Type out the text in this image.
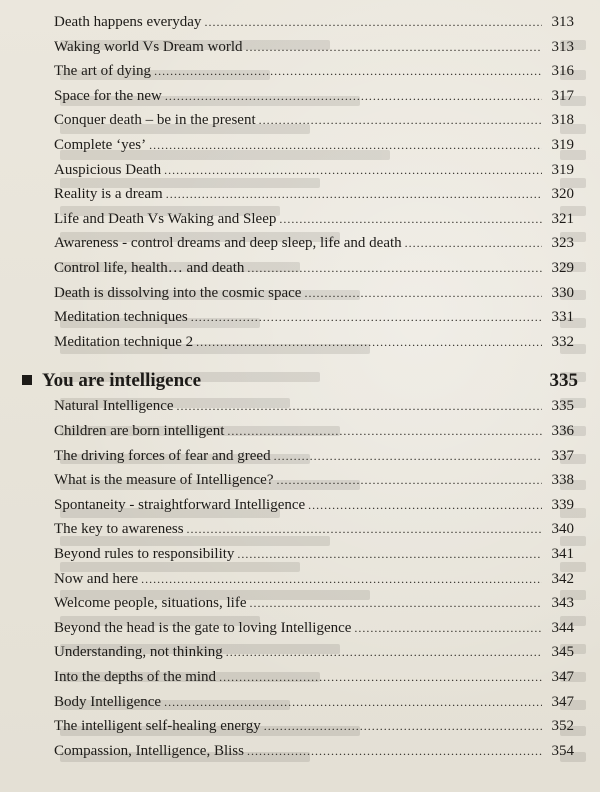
Death happens everyday .....	313
Waking world Vs Dream world .....	313
The art of dying .....	316
Space for the new .....	317
Conquer death – be in the present .....	318
Complete ‘yes’ .....	319
Auspicious Death .....	319
Reality is a dream .....	320
Life and Death Vs Waking and Sleep .....	321
Awareness - control dreams and deep sleep, life and death .....	323
Control life, health… and death .....	329
Death is dissolving into the cosmic space .....	330
Meditation techniques .....	331
Meditation technique 2 .....	332
You are intelligence	335
Natural Intelligence .....	335
Children are born intelligent .....	336
The driving forces of fear and greed .....	337
What is the measure of Intelligence? .....	338
Spontaneity - straightforward Intelligence .....	339
The key to awareness .....	340
Beyond rules to responsibility .....	341
Now and here .....	342
Welcome people, situations, life .....	343
Beyond the head is the gate to loving Intelligence .....	344
Understanding, not thinking .....	345
Into the depths of the mind .....	347
Body Intelligence .....	347
The intelligent self-healing energy .....	352
Compassion, Intelligence, Bliss .....	354
